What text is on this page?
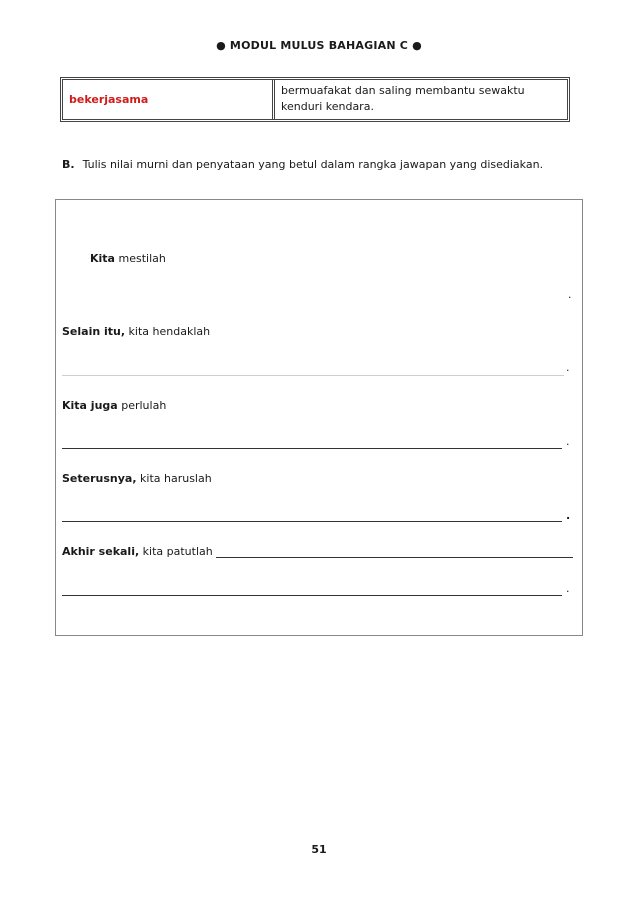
● MODUL MULUS BAHAGIAN C ●
bekerjasama
bermuafakat dan saling membantu sewaktu kenduri kendara.
B. Tulis nilai murni dan penyataan yang betul dalam rangka jawapan yang disediakan.
Kita mestilah
.
Selain itu, kita hendaklah
.
Kita juga perlulah
.
Seterusnya, kita haruslah
.
Akhir sekali, kita patutlah
.
51
